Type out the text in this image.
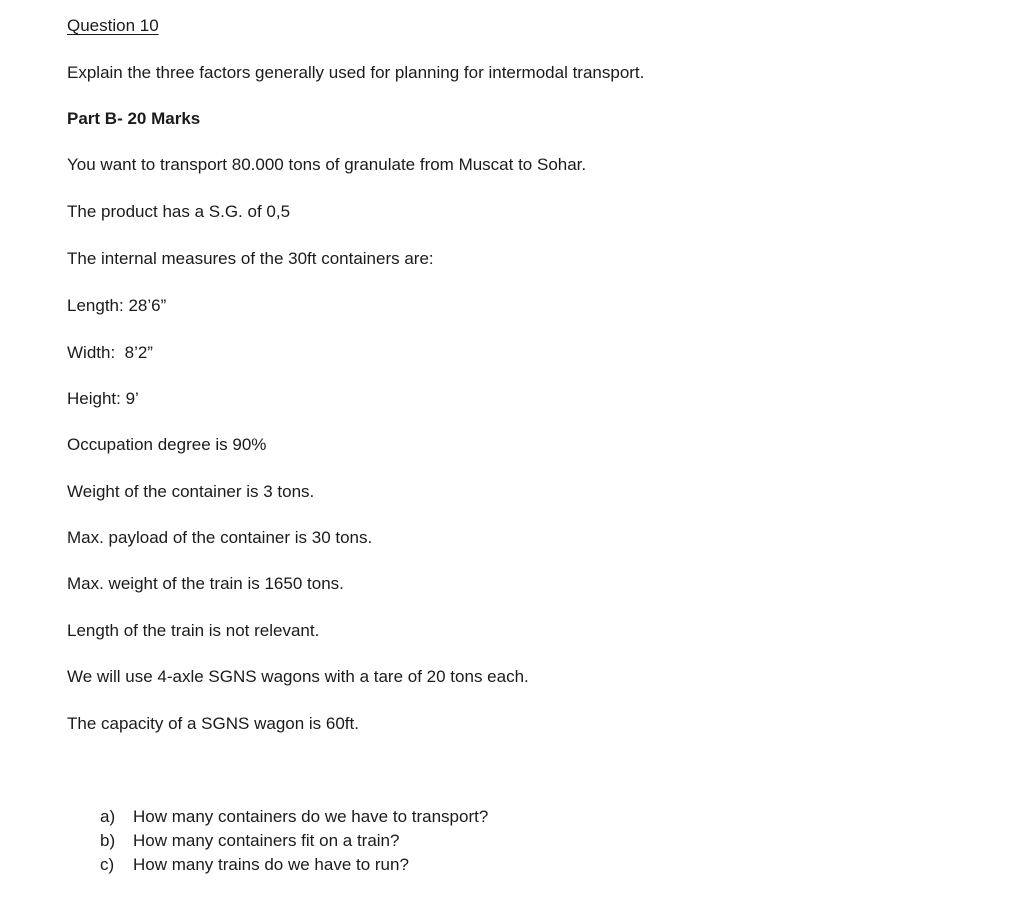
Question 10
Explain the three factors generally used for planning for intermodal transport.
Part B- 20 Marks
You want to transport 80.000 tons of granulate from Muscat to Sohar.
The product has a S.G. of 0,5
The internal measures of the 30ft containers are:
Length: 28’6”
Width:  8’2”
Height: 9’
Occupation degree is 90%
Weight of the container is 3 tons.
Max. payload of the container is 30 tons.
Max. weight of the train is 1650 tons.
Length of the train is not relevant.
We will use 4-axle SGNS wagons with a tare of 20 tons each.
The capacity of a SGNS wagon is 60ft.
a) How many containers do we have to transport?
b) How many containers fit on a train?
c) How many trains do we have to run?
